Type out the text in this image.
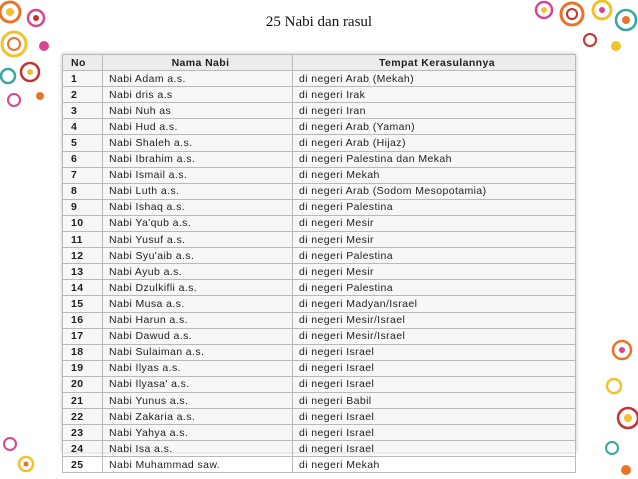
25 Nabi dan rasul
No	Nama Nabi	Tempat Kerasulannya
1	Nabi Adam a.s.	di negeri Arab (Mekah)
2	Nabi dris a.s	di negeri Irak
3	Nabi Nuh as	di negeri Iran
4	Nabi Hud a.s.	di negeri Arab (Yaman)
5	Nabi Shaleh a.s.	di negeri Arab (Hijaz)
6	Nabi Ibrahim a.s.	di negeri Palestina dan Mekah
7	Nabi Ismail a.s.	di negeri Mekah
8	Nabi Luth a.s.	di negeri Arab (Sodom Mesopotamia)
9	Nabi Ishaq a.s.	di negeri Palestina
10	Nabi Ya'qub a.s.	di negeri Mesir
11	Nabi Yusuf a.s.	di negeri Mesir
12	Nabi Syu'aib a.s.	di negeri Palestina
13	Nabi Ayub a.s.	di negeri Mesir
14	Nabi Dzulkifli a.s.	di negeri Palestina
15	Nabi Musa a.s.	di negeri Madyan/Israel
16	Nabi Harun a.s.	di negeri Mesir/Israel
17	Nabi Dawud a.s.	di negeri Mesir/Israel
18	Nabi Sulaiman a.s.	di negeri Israel
19	Nabi Ilyas a.s.	di negeri Israel
20	Nabi Ilyasa' a.s.	di negeri Israel
21	Nabi Yunus a.s.	di negeri Babil
22	Nabi Zakaria a.s.	di negeri Israel
23	Nabi Yahya a.s.	di negeri Israel
24	Nabi Isa a.s.	di negeri Israel
25	Nabi Muhammad saw.	di negeri Mekah
